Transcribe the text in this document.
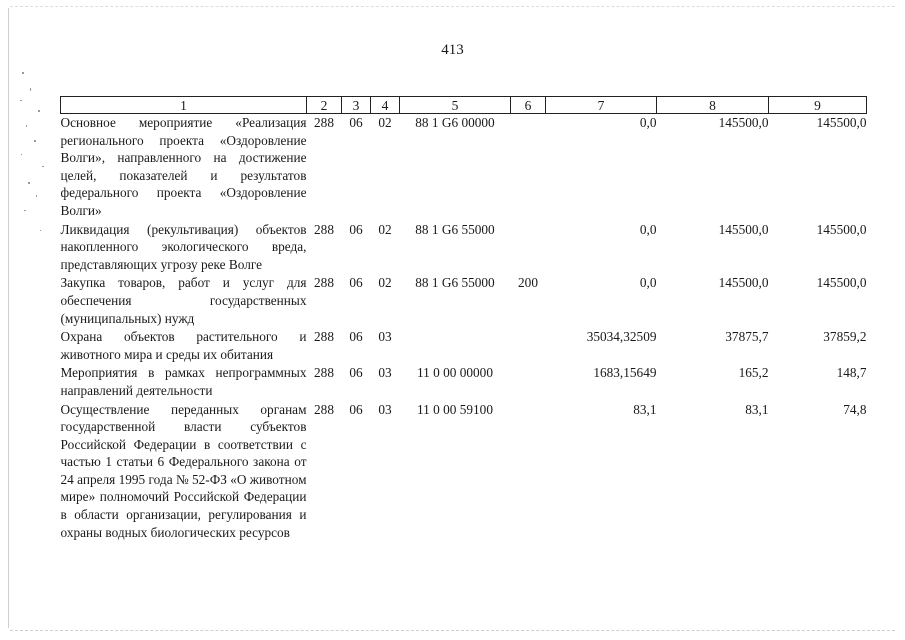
413
1	2	3	4	5	6	7	8	9
Основное мероприятие «Реализация регионального проекта «Оздоровление Волги», направленного на достижение целей, показателей и результатов федерального проекта «Оздоровление Волги»	288	06	02	88 1 G6 00000		0,0	145500,0	145500,0
Ликвидация (рекультивация) объектов накопленного экологического вреда, представляющих угрозу реке Волге	288	06	02	88 1 G6 55000		0,0	145500,0	145500,0
Закупка товаров, работ и услуг для обеспечения государственных (муниципальных) нужд	288	06	02	88 1 G6 55000	200	0,0	145500,0	145500,0
Охрана объектов растительного и животного мира и среды их обитания	288	06	03			35034,32509	37875,7	37859,2
Мероприятия в рамках непрограммных направлений деятельности	288	06	03	11 0 00 00000		1683,15649	165,2	148,7
Осуществление переданных органам государственной власти субъектов Российской Федерации в соответствии с частью 1 статьи 6 Федерального закона от 24 апреля 1995 года № 52-ФЗ «О животном мире» полномочий Российской Федерации в области организации, регулирования и охраны водных биологических ресурсов	288	06	03	11 0 00 59100		83,1	83,1	74,8
